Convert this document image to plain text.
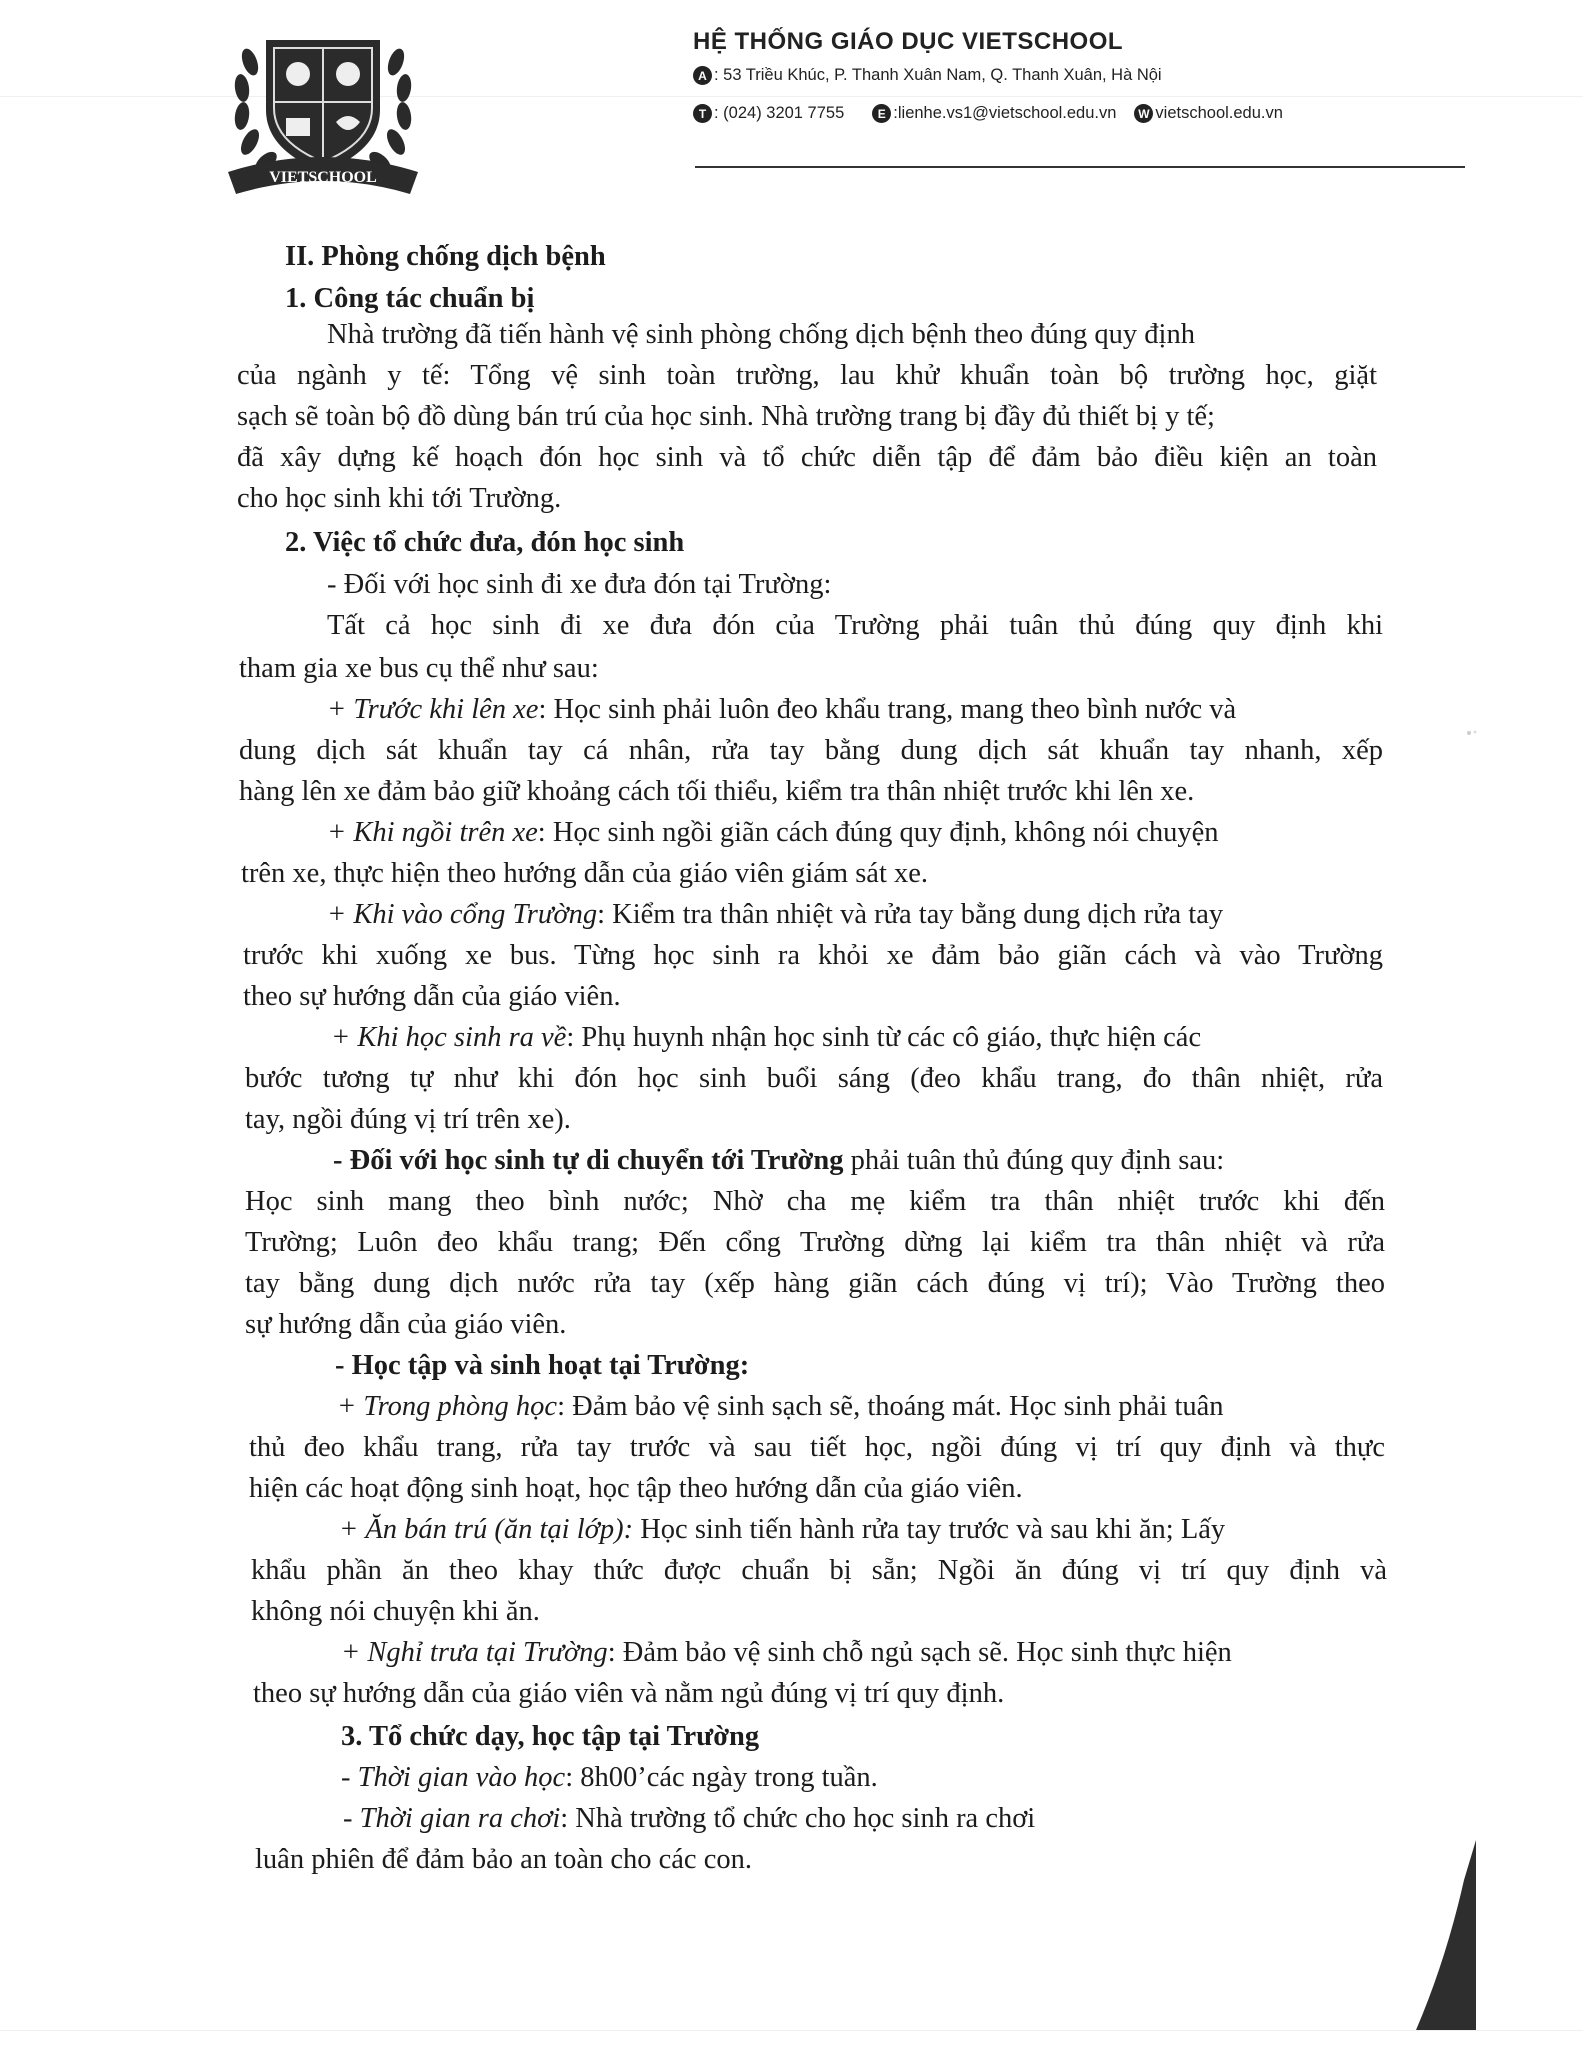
VIETSCHOOL
HỆ THỐNG GIÁO DỤC VIETSCHOOL
A : 53 Triều Khúc, P. Thanh Xuân Nam, Q. Thanh Xuân, Hà Nội
T : (024) 3201 7755	E :lienhe.vs1@vietschool.edu.vn	W vietschool.edu.vn
II. Phòng chống dịch bệnh
1. Công tác chuẩn bị
Nhà trường đã tiến hành vệ sinh phòng chống dịch bệnh theo đúng quy định
của ngành y tế: Tổng vệ sinh toàn trường, lau khử khuẩn toàn bộ trường học, giặt
sạch sẽ toàn bộ đồ dùng bán trú của học sinh. Nhà trường trang bị đầy đủ thiết bị y tế;
đã xây dựng kế hoạch đón học sinh và tổ chức diễn tập để đảm bảo điều kiện an toàn
cho học sinh khi tới Trường.
2. Việc tổ chức đưa, đón học sinh
- Đối với học sinh đi xe đưa đón tại Trường:
Tất cả học sinh đi xe đưa đón của Trường phải tuân thủ đúng quy định khi
tham gia xe bus cụ thể như sau:
+ Trước khi lên xe: Học sinh phải luôn đeo khẩu trang, mang theo bình nước và
dung dịch sát khuẩn tay cá nhân, rửa tay bằng dung dịch sát khuẩn tay nhanh, xếp
hàng lên xe đảm bảo giữ khoảng cách tối thiểu, kiểm tra thân nhiệt trước khi lên xe.
+ Khi ngồi trên xe: Học sinh ngồi giãn cách đúng quy định, không nói chuyện
trên xe, thực hiện theo hướng dẫn của giáo viên giám sát xe.
+ Khi vào cổng Trường: Kiểm tra thân nhiệt và rửa tay bằng dung dịch rửa tay
trước khi xuống xe bus. Từng học sinh ra khỏi xe đảm bảo giãn cách và vào Trường
theo sự hướng dẫn của giáo viên.
+ Khi học sinh ra về: Phụ huynh nhận học sinh từ các cô giáo, thực hiện các
bước tương tự như khi đón học sinh buổi sáng (đeo khẩu trang, đo thân nhiệt, rửa
tay, ngồi đúng vị trí trên xe).
- Đối với học sinh tự di chuyển tới Trường phải tuân thủ đúng quy định sau:
Học sinh mang theo bình nước; Nhờ cha mẹ kiểm tra thân nhiệt trước khi đến
Trường; Luôn đeo khẩu trang; Đến cổng Trường dừng lại kiểm tra thân nhiệt và rửa
tay bằng dung dịch nước rửa tay (xếp hàng giãn cách đúng vị trí); Vào Trường theo
sự hướng dẫn của giáo viên.
- Học tập và sinh hoạt tại Trường:
+ Trong phòng học: Đảm bảo vệ sinh sạch sẽ, thoáng mát. Học sinh phải tuân
thủ đeo khẩu trang, rửa tay trước và sau tiết học, ngồi đúng vị trí quy định và thực
hiện các hoạt động sinh hoạt, học tập theo hướng dẫn của giáo viên.
+ Ăn bán trú (ăn tại lớp): Học sinh tiến hành rửa tay trước và sau khi ăn; Lấy
khẩu phần ăn theo khay thức được chuẩn bị sẵn; Ngồi ăn đúng vị trí quy định và
không nói chuyện khi ăn.
+ Nghỉ trưa tại Trường: Đảm bảo vệ sinh chỗ ngủ sạch sẽ. Học sinh thực hiện
theo sự hướng dẫn của giáo viên và nằm ngủ đúng vị trí quy định.
3. Tổ chức dạy, học tập tại Trường
- Thời gian vào học: 8h00’các ngày trong tuần.
- Thời gian ra chơi: Nhà trường tổ chức cho học sinh ra chơi
luân phiên để đảm bảo an toàn cho các con.
